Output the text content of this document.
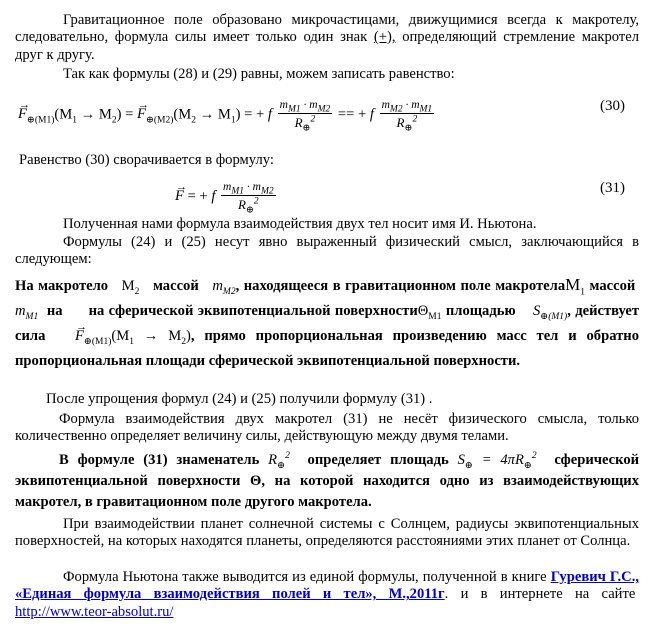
Гравитационное поле образовано микрочастицами, движущимися всегда к макротелу, следовательно, формула силы имеет только один знак (+), определяющий стремление макротел друг к другу.
Так как формулы (28) и (29) равны, можем записать равенство:
→ $F_{\oplus(M1)}(M_1 \to M_2)$ = → $F_{\oplus(M2)}(M_2 \to M_1)$ = + f $\frac{m_{M1} \cdot m_{M2}}{R_\oplus^2}$ == + f $\frac{m_{M2} \cdot m_{M1}}{R_\oplus^2}$	(30)
Равенство (30) сворачивается в формулу:
→ F = + f $\frac{m_{M1} \cdot m_{M2}}{R_\oplus^2}$	(31)
Полученная нами формула взаимодействия двух тел носит имя И. Ньютона.
Формулы (24) и (25) несут явно выраженный физический смысл, заключающийся в следующем:
На макротело $M_2$ массой $m_{M2}$, находящееся в гравитационном поле макротелаM$_1$ массой  $m_{M1}$  на      на сферической эквипотенциальной поверхностиΘ$_{M1}$ площадью $S_{\oplus(M1)}$, действует сила   → $F_{\oplus(M1)}(M_1 \to M_2)$, прямо пропорциональная произведению масс тел и обратно пропорциональная площади сферической эквипотенциальной поверхности.
После упрощения формул (24) и (25) получили формулу (31) .
Формула взаимодействия двух макротел (31) не несёт физического смысла, только количественно определяет величину силы, действующую между двумя телами.
В формуле (31) знаменатель $R_\oplus^2$ определяет площадь $S_\oplus = 4\pi R_\oplus^2$ сферической эквипотенциальной поверхности Θ, на которой находится одно из взаимодействующих макротел, в гравитационном поле другого макротела.
При взаимодействии планет солнечной системы с Солнцем, радиусы эквипотенциальных поверхностей, на которых находятся планеты, определяются расстояниями этих планет от Солнца.
Формула Ньютона также выводится из единой формулы, полученной в книге Гуревич Г.С., «Единая формула взаимодействия полей и тел», М.,2011г. и в интернете на сайте  http://www.teor-absolut.ru/
